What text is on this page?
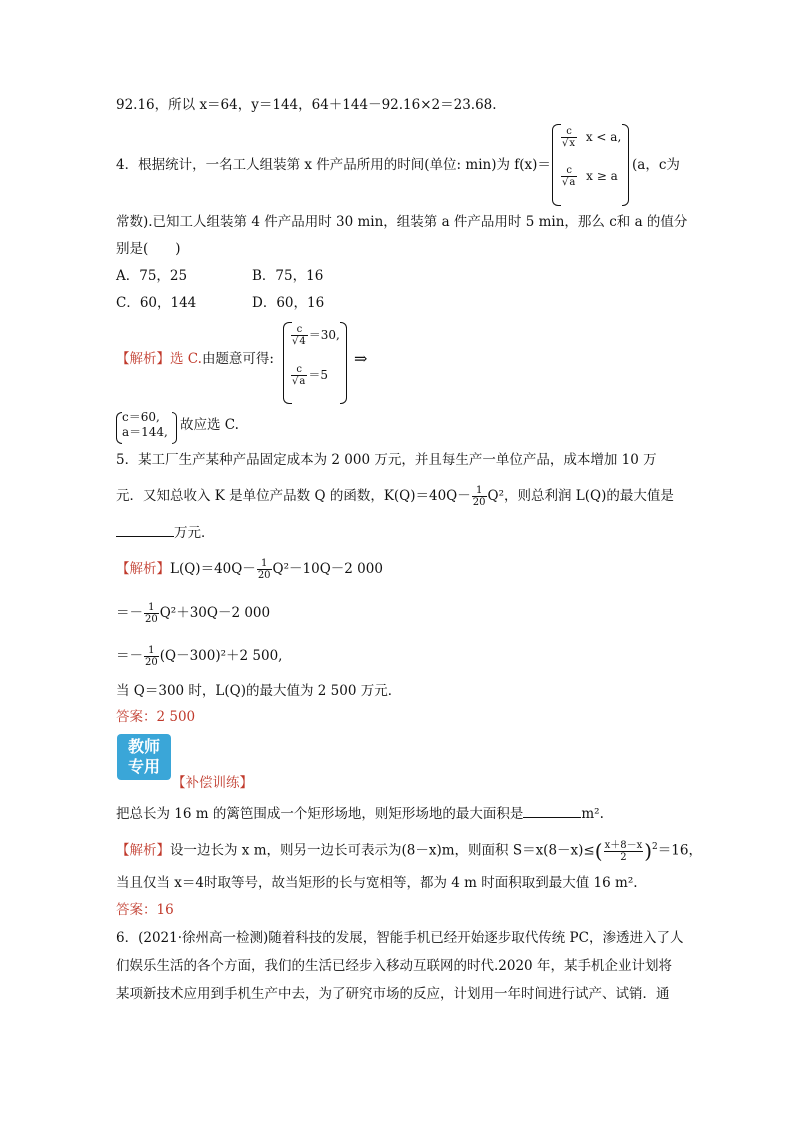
92.16，所以 x＝64，y＝144，64＋144－92.16×2＝23.68.
4．根据统计，一名工人组装第 x 件产品所用的时间(单位: min)为 f(x)＝
$\frac{c}{√x}$ x < a,
$\frac{c}{√a}$ x ≥ a
(a，c为
常数).已知工人组装第 4 件产品用时 30 min，组装第 a 件产品用时 5 min，那么 c和 a 的值分
别是(　　)
A．75，25	B．75，16
C．60，144	D．60，16
【解析】选 C.由题意可得:
$\frac{c}{√4} =30$,
$\frac{c}{√a} =5$
⇒
c＝60,
a＝144, 故应选 C.
5．某工厂生产某种产品固定成本为 2 000 万元，并且每生产一单位产品，成本增加 10 万
元．又知总收入 K 是单位产品数 Q 的函数，$K(Q)=40Q- \frac{1}{20} Q^2$，则总利润 L(Q)的最大值是
万元．
【解析】$L(Q)=40Q- \frac{1}{20} Q^2-10Q-2$ 000
＝－ $\frac{1}{20} Q^2+30Q-2$ 000
＝－ $\frac{1}{20} (Q-300)^2+2$ 500,
当 Q＝300 时，L(Q)的最大值为 2 500 万元．
答案：2 500
教师
专用
【补偿训练】
把总长为 16 m 的篱笆围成一个矩形场地，则矩形场地的最大面积是	m².
【解析】设一边长为 x m，则另一边长可表示为(8－x)m，则面积 $S=x(8-x)\le( \frac{x+8-x}{2} )^2=16$，
当且仅当 x＝4时取等号，故当矩形的长与宽相等，都为 4 m 时面积取到最大值 16 m².
答案：16
6．(2021·徐州高一检测)随着科技的发展，智能手机已经开始逐步取代传统 PC，渗透进入了人
们娱乐生活的各个方面，我们的生活已经步入移动互联网的时代.2020 年，某手机企业计划将
某项新技术应用到手机生产中去，为了研究市场的反应，计划用一年时间进行试产、试销．通
